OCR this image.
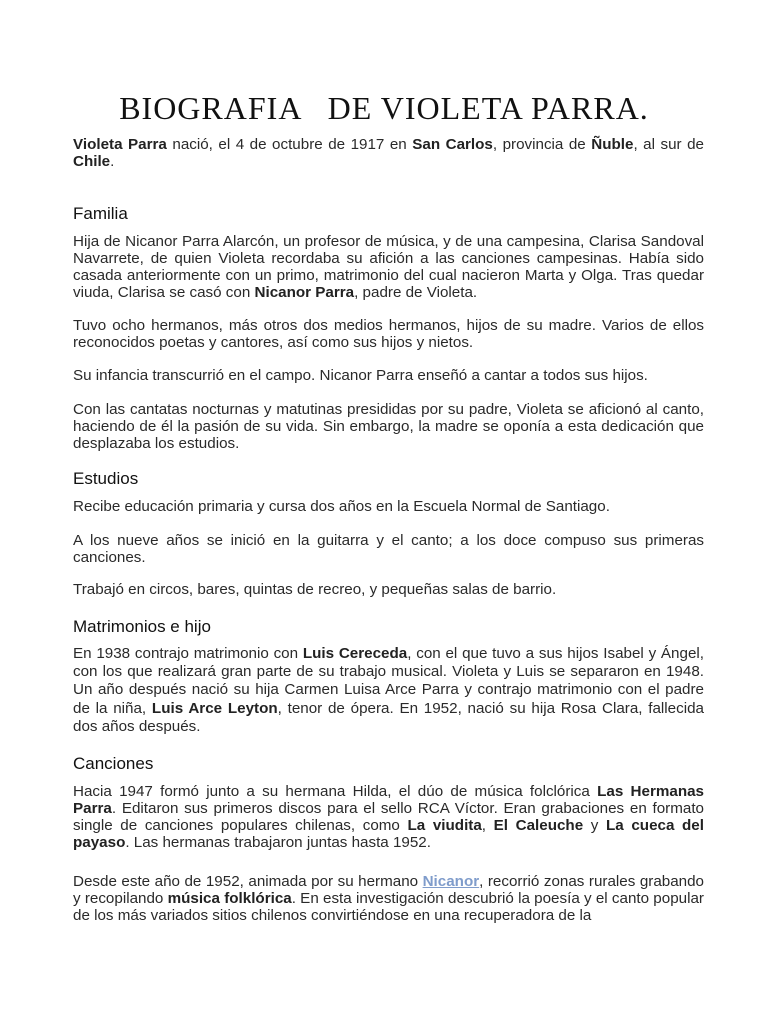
BIOGRAFIA   DE VIOLETA PARRA.

Violeta Parra nació, el 4 de octubre de 1917 en San Carlos, provincia de Ñuble, al sur de Chile.

Familia

Hija de Nicanor Parra Alarcón, un profesor de música, y de una campesina, Clarisa Sandoval Navarrete, de quien Violeta recordaba su afición a las canciones campesinas. Había sido casada anteriormente con un primo, matrimonio del cual nacieron Marta y Olga. Tras quedar viuda, Clarisa se casó con Nicanor Parra, padre de Violeta.

Tuvo ocho hermanos, más otros dos medios hermanos, hijos de su madre. Varios de ellos reconocidos poetas y cantores, así como sus hijos y nietos.

Su infancia transcurrió en el campo. Nicanor Parra enseñó a cantar a todos sus hijos.

Con las cantatas nocturnas y matutinas presididas por su padre, Violeta se aficionó al canto, haciendo de él la pasión de su vida. Sin embargo, la madre se oponía a esta dedicación que desplazaba los estudios.

Estudios

Recibe educación primaria y cursa dos años en la Escuela Normal de Santiago.

A los nueve años se inició en la guitarra y el canto; a los doce compuso sus primeras canciones.

Trabajó en circos, bares, quintas de recreo, y pequeñas salas de barrio.

Matrimonios e hijo

En 1938 contrajo matrimonio con Luis Cereceda, con el que tuvo a sus hijos Isabel y Ángel, con los que realizará gran parte de su trabajo musical. Violeta y Luis se separaron en 1948. Un año después nació su hija Carmen Luisa Arce Parra y contrajo matrimonio con el padre de la niña, Luis Arce Leyton, tenor de ópera. En 1952, nació su hija Rosa Clara, fallecida dos años después.

Canciones

Hacia 1947 formó junto a su hermana Hilda, el dúo de música folclórica Las Hermanas Parra. Editaron sus primeros discos para el sello RCA Víctor. Eran grabaciones en formato single de canciones populares chilenas, como La viudita, El Caleuche y La cueca del payaso. Las hermanas trabajaron juntas hasta 1952.

Desde este año de 1952, animada por su hermano Nicanor, recorrió zonas rurales grabando y recopilando música folklórica. En esta investigación descubrió la poesía y el canto popular de los más variados sitios chilenos convirtiéndose en una recuperadora de la
